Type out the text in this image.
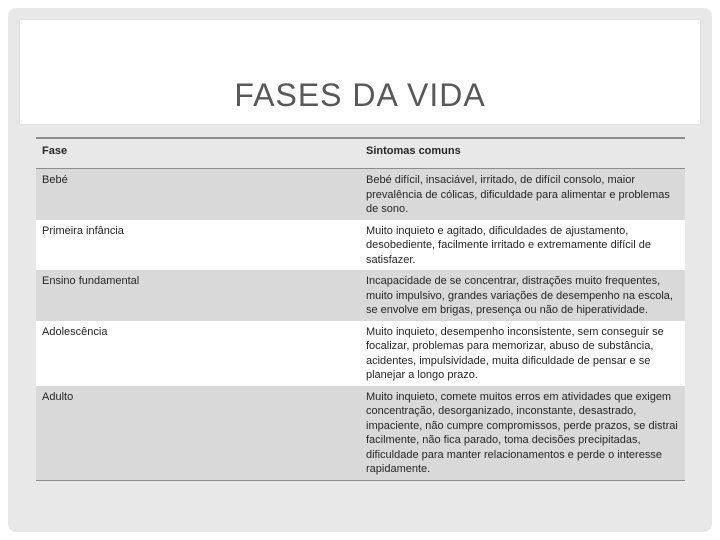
FASES DA VIDA
Fase	Sintomas comuns
Bebé	Bebé difícil, insaciável, irritado, de difícil consolo, maior prevalência de cólicas, dificuldade para alimentar e problemas de sono.
Primeira infância	Muito inquieto e agitado, dificuldades de ajustamento, desobediente, facilmente irritado e extremamente difícil de satisfazer.
Ensino fundamental	Incapacidade de se concentrar, distrações muito frequentes, muito impulsivo, grandes variações de desempenho na escola, se envolve em brigas, presença ou não de hiperatividade.
Adolescência	Muito inquieto, desempenho inconsistente, sem conseguir se focalizar, problemas para memorizar, abuso de substância, acidentes, impulsividade, muita dificuldade de pensar e se planejar a longo prazo.
Adulto	Muito inquieto, comete muitos erros em atividades que exigem concentração, desorganizado, inconstante, desastrado, impaciente, não cumpre compromissos, perde prazos, se distrai facilmente, não fica parado, toma decisões precipitadas, dificuldade para manter relacionamentos e perde o interesse rapidamente.
